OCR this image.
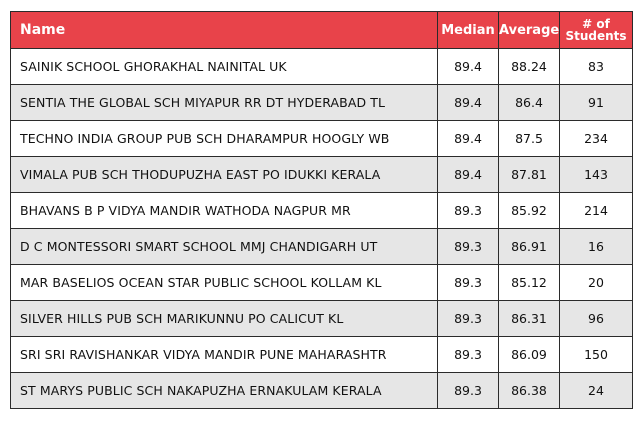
Name	Median	Average	# of
Students
SAINIK SCHOOL GHORAKHAL NAINITAL UK	89.4	88.24	83
SENTIA THE GLOBAL SCH MIYAPUR RR DT HYDERABAD TL	89.4	86.4	91
TECHNO INDIA GROUP PUB SCH DHARAMPUR HOOGLY WB	89.4	87.5	234
VIMALA PUB SCH THODUPUZHA EAST PO IDUKKI KERALA	89.4	87.81	143
BHAVANS B P VIDYA MANDIR WATHODA NAGPUR MR	89.3	85.92	214
D C MONTESSORI SMART SCHOOL MMJ CHANDIGARH UT	89.3	86.91	16
MAR BASELIOS OCEAN STAR PUBLIC SCHOOL KOLLAM KL	89.3	85.12	20
SILVER HILLS PUB SCH MARIKUNNU PO CALICUT KL	89.3	86.31	96
SRI SRI RAVISHANKAR VIDYA MANDIR PUNE MAHARASHTR	89.3	86.09	150
ST MARYS PUBLIC SCH NAKAPUZHA ERNAKULAM KERALA	89.3	86.38	24
